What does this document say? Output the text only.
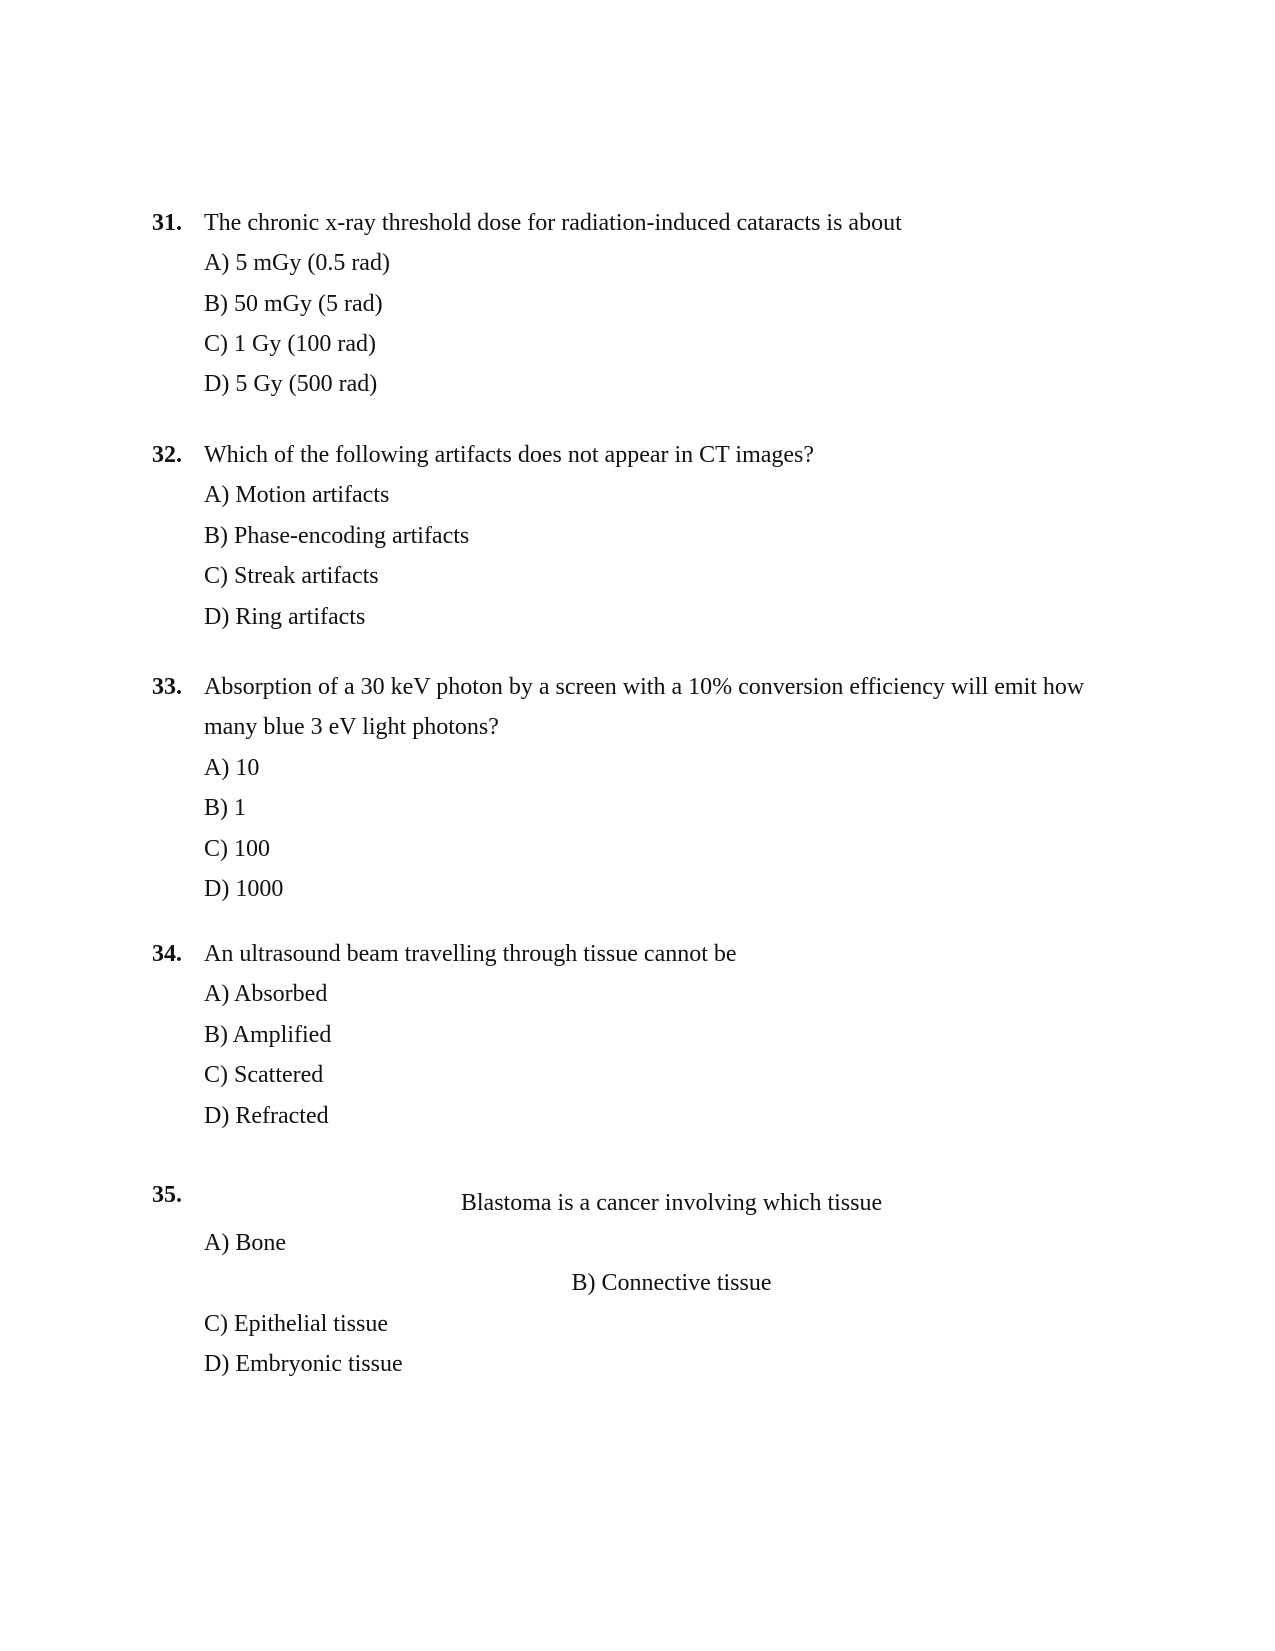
31. The chronic x-ray threshold dose for radiation-induced cataracts is about
A) 5 mGy (0.5 rad)
B) 50 mGy (5 rad)
C) 1 Gy (100 rad)
D) 5 Gy (500 rad)
32. Which of the following artifacts does not appear in CT images?
A) Motion artifacts
B) Phase-encoding artifacts
C) Streak artifacts
D) Ring artifacts
33. Absorption of a 30 keV photon by a screen with a 10% conversion efficiency will emit how
many blue 3 eV light photons?
A) 10
B) 1
C) 100
D) 1000
34. An ultrasound beam travelling through tissue cannot be
A) Absorbed
B) Amplified
C) Scattered
D) Refracted
35.	Blastoma is a cancer involving which tissue
A) Bone
B) Connective tissue
C) Epithelial tissue
D) Embryonic tissue
